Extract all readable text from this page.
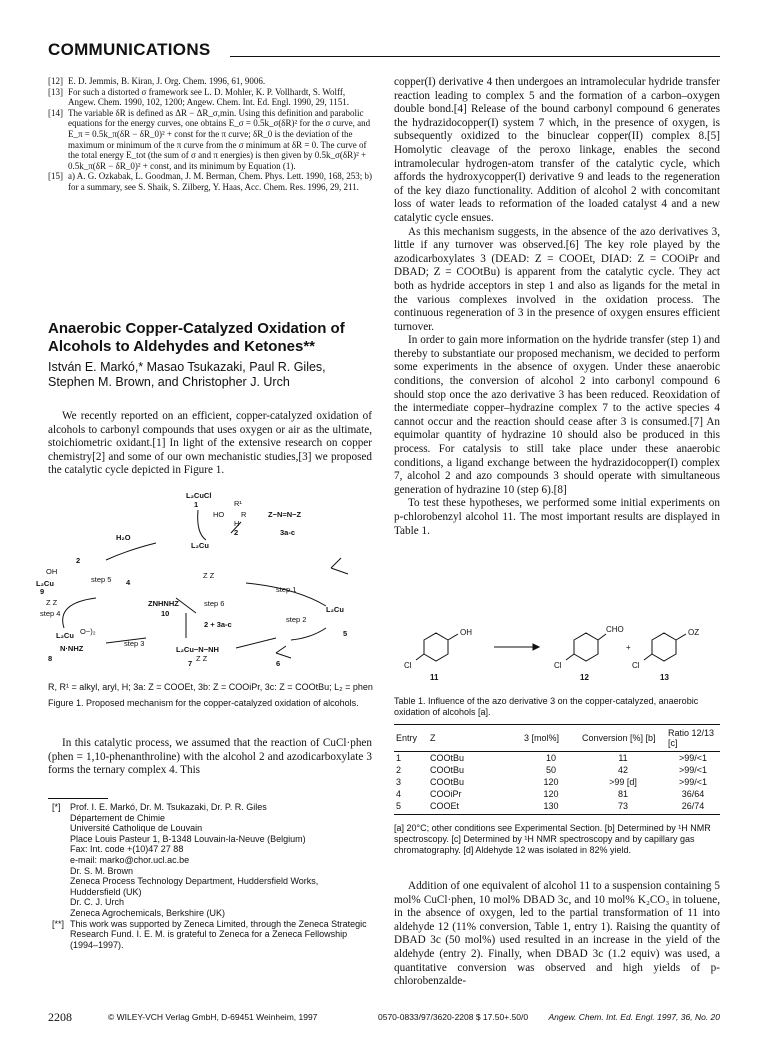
COMMUNICATIONS
[12] E. D. Jemmis, B. Kiran, J. Org. Chem. 1996, 61, 9006.
[13] For such a distorted σ framework see L. D. Mohler, K. P. Vollhardt, S. Wolff, Angew. Chem. 1990, 102, 1200; Angew. Chem. Int. Ed. Engl. 1990, 29, 1151.
[14] The variable δR is defined as ΔR − ΔR_σ,min. Using this definition and parabolic equations for the energy curves, one obtains E_σ = 0.5k_σ(δR)² for the σ curve, and E_π = 0.5k_π(δR − δR_0)² + const for the π curve; δR_0 is the deviation of the maximum or minimum of the π curve from the σ minimum at δR = 0. The curve of the total energy E_tot (the sum of σ and π energies) is then given by 0.5k_σ(δR)² + 0.5k_π(δR − δR_0)² + const, and its minimum by Equation (1).
[15] a) A. G. Ozkabak, L. Goodman, J. M. Berman, Chem. Phys. Lett. 1990, 168, 253; b) for a summary, see S. Shaik, S. Zilberg, Y. Haas, Acc. Chem. Res. 1996, 29, 211.
Anaerobic Copper-Catalyzed Oxidation of Alcohols to Aldehydes and Ketones**
István E. Markó,* Masao Tsukazaki, Paul R. Giles, Stephen M. Brown, and Christopher J. Urch
We recently reported on an efficient, copper-catalyzed oxidation of alcohols to carbonyl compounds that uses oxygen or air as the ultimate, stoichiometric oxidant.[1] In light of the extensive research on copper chemistry[2] and some of our own mechanistic studies,[3] we proposed the catalytic cycle depicted in Figure 1.
L₂CuCl
1	R¹
HO R
H
2
Z−N=N−Z
3a-c
H₂O
2
step 5 4
L₂Cu
Z Z
step 1
OH
L₂Cu
9
Z Z
step 4
ZNHNHZ
10
step 6
2 + 3a-c
step 2
L₂Cu
5
L₂Cu O−)₂
N·NHZ
8
step 3
L₂Cu−N−NH
Z Z
7	6
R, R¹ = alkyl, aryl, H; 3a: Z = COOEt, 3b: Z = COOiPr, 3c: Z = COOtBu; L₂ = phen
Figure 1. Proposed mechanism for the copper-catalyzed oxidation of alcohols.
In this catalytic process, we assumed that the reaction of CuCl·phen (phen = 1,10-phenanthroline) with the alcohol 2 and azodicarboxylate 3 forms the ternary complex 4. This
[*] Prof. I. E. Markó, Dr. M. Tsukazaki, Dr. P. R. Giles
Département de Chimie
Université Catholique de Louvain
Place Louis Pasteur 1, B-1348 Louvain-la-Neuve (Belgium)
Fax: Int. code +(10)47 27 88
e-mail: marko@chor.ucl.ac.be
Dr. S. M. Brown
Zeneca Process Technology Department, Huddersfield Works,
Huddersfield (UK)
Dr. C. J. Urch
Zeneca Agrochemicals, Berkshire (UK)
[**] This work was supported by Zeneca Limited, through the Zeneca Strategic Research Fund. I. E. M. is grateful to Zeneca for a Zeneca Fellowship (1994–1997).
copper(I) derivative 4 then undergoes an intramolecular hydride transfer reaction leading to complex 5 and the formation of a carbon–oxygen double bond.[4] Release of the bound carbonyl compound 6 generates the hydrazidocopper(I) system 7 which, in the presence of oxygen, is subsequently oxidized to the binuclear copper(II) complex 8.[5] Homolytic cleavage of the peroxo linkage, enables the second intramolecular hydrogen-atom transfer of the catalytic cycle, which affords the hydroxycopper(I) derivative 9 and leads to the regeneration of the key diazo functionality. Addition of alcohol 2 with concomitant loss of water leads to reformation of the loaded catalyst 4 and a new catalytic cycle ensues.
As this mechanism suggests, in the absence of the azo derivatives 3, little if any turnover was observed.[6] The key role played by the azodicarboxylates 3 (DEAD: Z = COOEt, DIAD: Z = COOiPr and DBAD; Z = COOtBu) is apparent from the catalytic cycle. They act both as hydride acceptors in step 1 and also as ligands for the metal in the various complexes involved in the oxidation process. The continuous regeneration of 3 in the presence of oxygen ensures efficient turnover.
In order to gain more information on the hydride transfer (step 1) and thereby to substantiate our proposed mechanism, we decided to perform some experiments in the absence of oxygen. Under these anaerobic conditions, the conversion of alcohol 2 into carbonyl compound 6 should stop once the azo derivative 3 has been reduced. Reoxidation of the intermediate copper–hydrazine complex 7 to the active species 4 cannot occur and the reaction should cease after 3 is consumed.[7] An equimolar quantity of hydrazine 10 should also be produced in this process. For catalysis to still take place under these anaerobic conditions, a ligand exchange between the hydrazidocopper(I) complex 7, alcohol 2 and azo compounds 3 should operate with simultaneous generation of hydrazine 10 (step 6).[8]
To test these hypotheses, we performed some initial experiments on p-chlorobenzyl alcohol 11. The most important results are displayed in Table 1.
OH
Cl
11
CHO
Cl
12
+
OZ
Cl
13
Table 1. Influence of the azo derivative 3 on the copper-catalyzed, anaerobic oxidation of alcohols [a].
Entry	Z	3 [mol%]	Conversion [%] [b]	Ratio 12/13 [c]
1	COOtBu	10	11	>99/<1
2	COOtBu	50	42	>99/<1
3	COOtBu	120	>99 [d]	>99/<1
4	COOiPr	120	81	36/64
5	COOEt	130	73	26/74
[a] 20°C; other conditions see Experimental Section. [b] Determined by ¹H NMR spectroscopy. [c] Determined by ¹H NMR spectroscopy and by capillary gas chromatography. [d] Aldehyde 12 was isolated in 82% yield.
Addition of one equivalent of alcohol 11 to a suspension containing 5 mol% CuCl·phen, 10 mol% DBAD 3c, and 10 mol% K₂CO₃ in toluene, in the absence of oxygen, led to the partial transformation of 11 into aldehyde 12 (11% conversion, Table 1, entry 1). Raising the quantity of DBAD 3c (50 mol%) used resulted in an increase in the yield of the aldehyde (entry 2). Finally, when DBAD 3c (1.2 equiv) was used, a quantitative conversion was observed and high yields of p-chlorobenzalde-
2208	© WILEY-VCH Verlag GmbH, D-69451 Weinheim, 1997	0570-0833/97/3620-2208 $ 17.50+.50/0 Angew. Chem. Int. Ed. Engl. 1997, 36, No. 20
